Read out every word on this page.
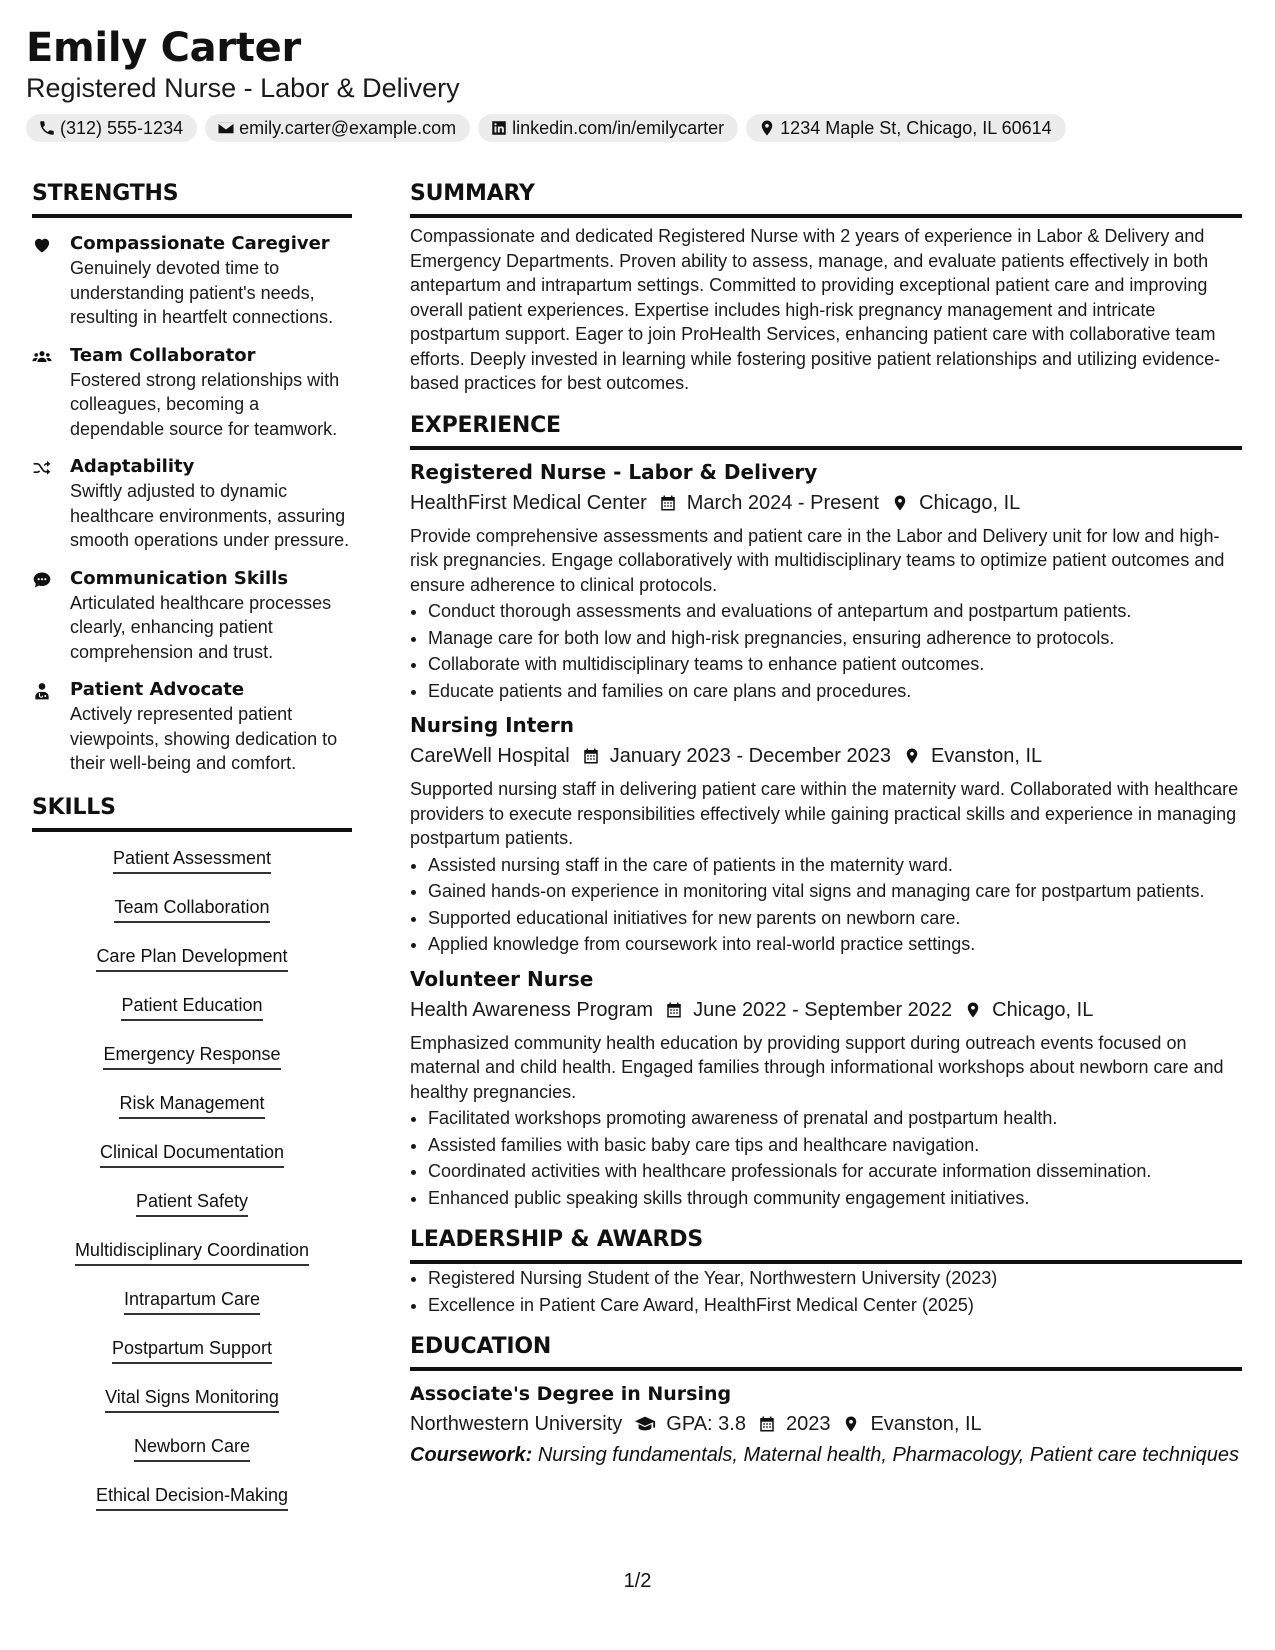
Emily Carter
Registered Nurse - Labor & Delivery
(312) 555-1234	emily.carter@example.com	linkedin.com/in/emilycarter	1234 Maple St, Chicago, IL 60614
STRENGTHS
Compassionate Caregiver
Genuinely devoted time to understanding patient's needs, resulting in heartfelt connections.
Team Collaborator
Fostered strong relationships with colleagues, becoming a dependable source for teamwork.
Adaptability
Swiftly adjusted to dynamic healthcare environments, assuring smooth operations under pressure.
Communication Skills
Articulated healthcare processes clearly, enhancing patient comprehension and trust.
Patient Advocate
Actively represented patient viewpoints, showing dedication to their well-being and comfort.
SKILLS
Patient Assessment
Team Collaboration
Care Plan Development
Patient Education
Emergency Response
Risk Management
Clinical Documentation
Patient Safety
Multidisciplinary Coordination
Intrapartum Care
Postpartum Support
Vital Signs Monitoring
Newborn Care
Ethical Decision-Making
SUMMARY
Compassionate and dedicated Registered Nurse with 2 years of experience in Labor & Delivery and Emergency Departments. Proven ability to assess, manage, and evaluate patients effectively in both antepartum and intrapartum settings. Committed to providing exceptional patient care and improving overall patient experiences. Expertise includes high-risk pregnancy management and intricate postpartum support. Eager to join ProHealth Services, enhancing patient care with collaborative team efforts. Deeply invested in learning while fostering positive patient relationships and utilizing evidence-based practices for best outcomes.
EXPERIENCE
Registered Nurse - Labor & Delivery
HealthFirst Medical Center March 2024 - Present Chicago, IL
Provide comprehensive assessments and patient care in the Labor and Delivery unit for low and high-risk pregnancies. Engage collaboratively with multidisciplinary teams to optimize patient outcomes and ensure adherence to clinical protocols.
• Conduct thorough assessments and evaluations of antepartum and postpartum patients.
• Manage care for both low and high-risk pregnancies, ensuring adherence to protocols.
• Collaborate with multidisciplinary teams to enhance patient outcomes.
• Educate patients and families on care plans and procedures.
Nursing Intern
CareWell Hospital January 2023 - December 2023 Evanston, IL
Supported nursing staff in delivering patient care within the maternity ward. Collaborated with healthcare providers to execute responsibilities effectively while gaining practical skills and experience in managing postpartum patients.
• Assisted nursing staff in the care of patients in the maternity ward.
• Gained hands-on experience in monitoring vital signs and managing care for postpartum patients.
• Supported educational initiatives for new parents on newborn care.
• Applied knowledge from coursework into real-world practice settings.
Volunteer Nurse
Health Awareness Program June 2022 - September 2022 Chicago, IL
Emphasized community health education by providing support during outreach events focused on maternal and child health. Engaged families through informational workshops about newborn care and healthy pregnancies.
• Facilitated workshops promoting awareness of prenatal and postpartum health.
• Assisted families with basic baby care tips and healthcare navigation.
• Coordinated activities with healthcare professionals for accurate information dissemination.
• Enhanced public speaking skills through community engagement initiatives.
LEADERSHIP & AWARDS
• Registered Nursing Student of the Year, Northwestern University (2023)
• Excellence in Patient Care Award, HealthFirst Medical Center (2025)
EDUCATION
Associate's Degree in Nursing
Northwestern University GPA: 3.8 2023 Evanston, IL
Coursework: Nursing fundamentals, Maternal health, Pharmacology, Patient care techniques
1/2
